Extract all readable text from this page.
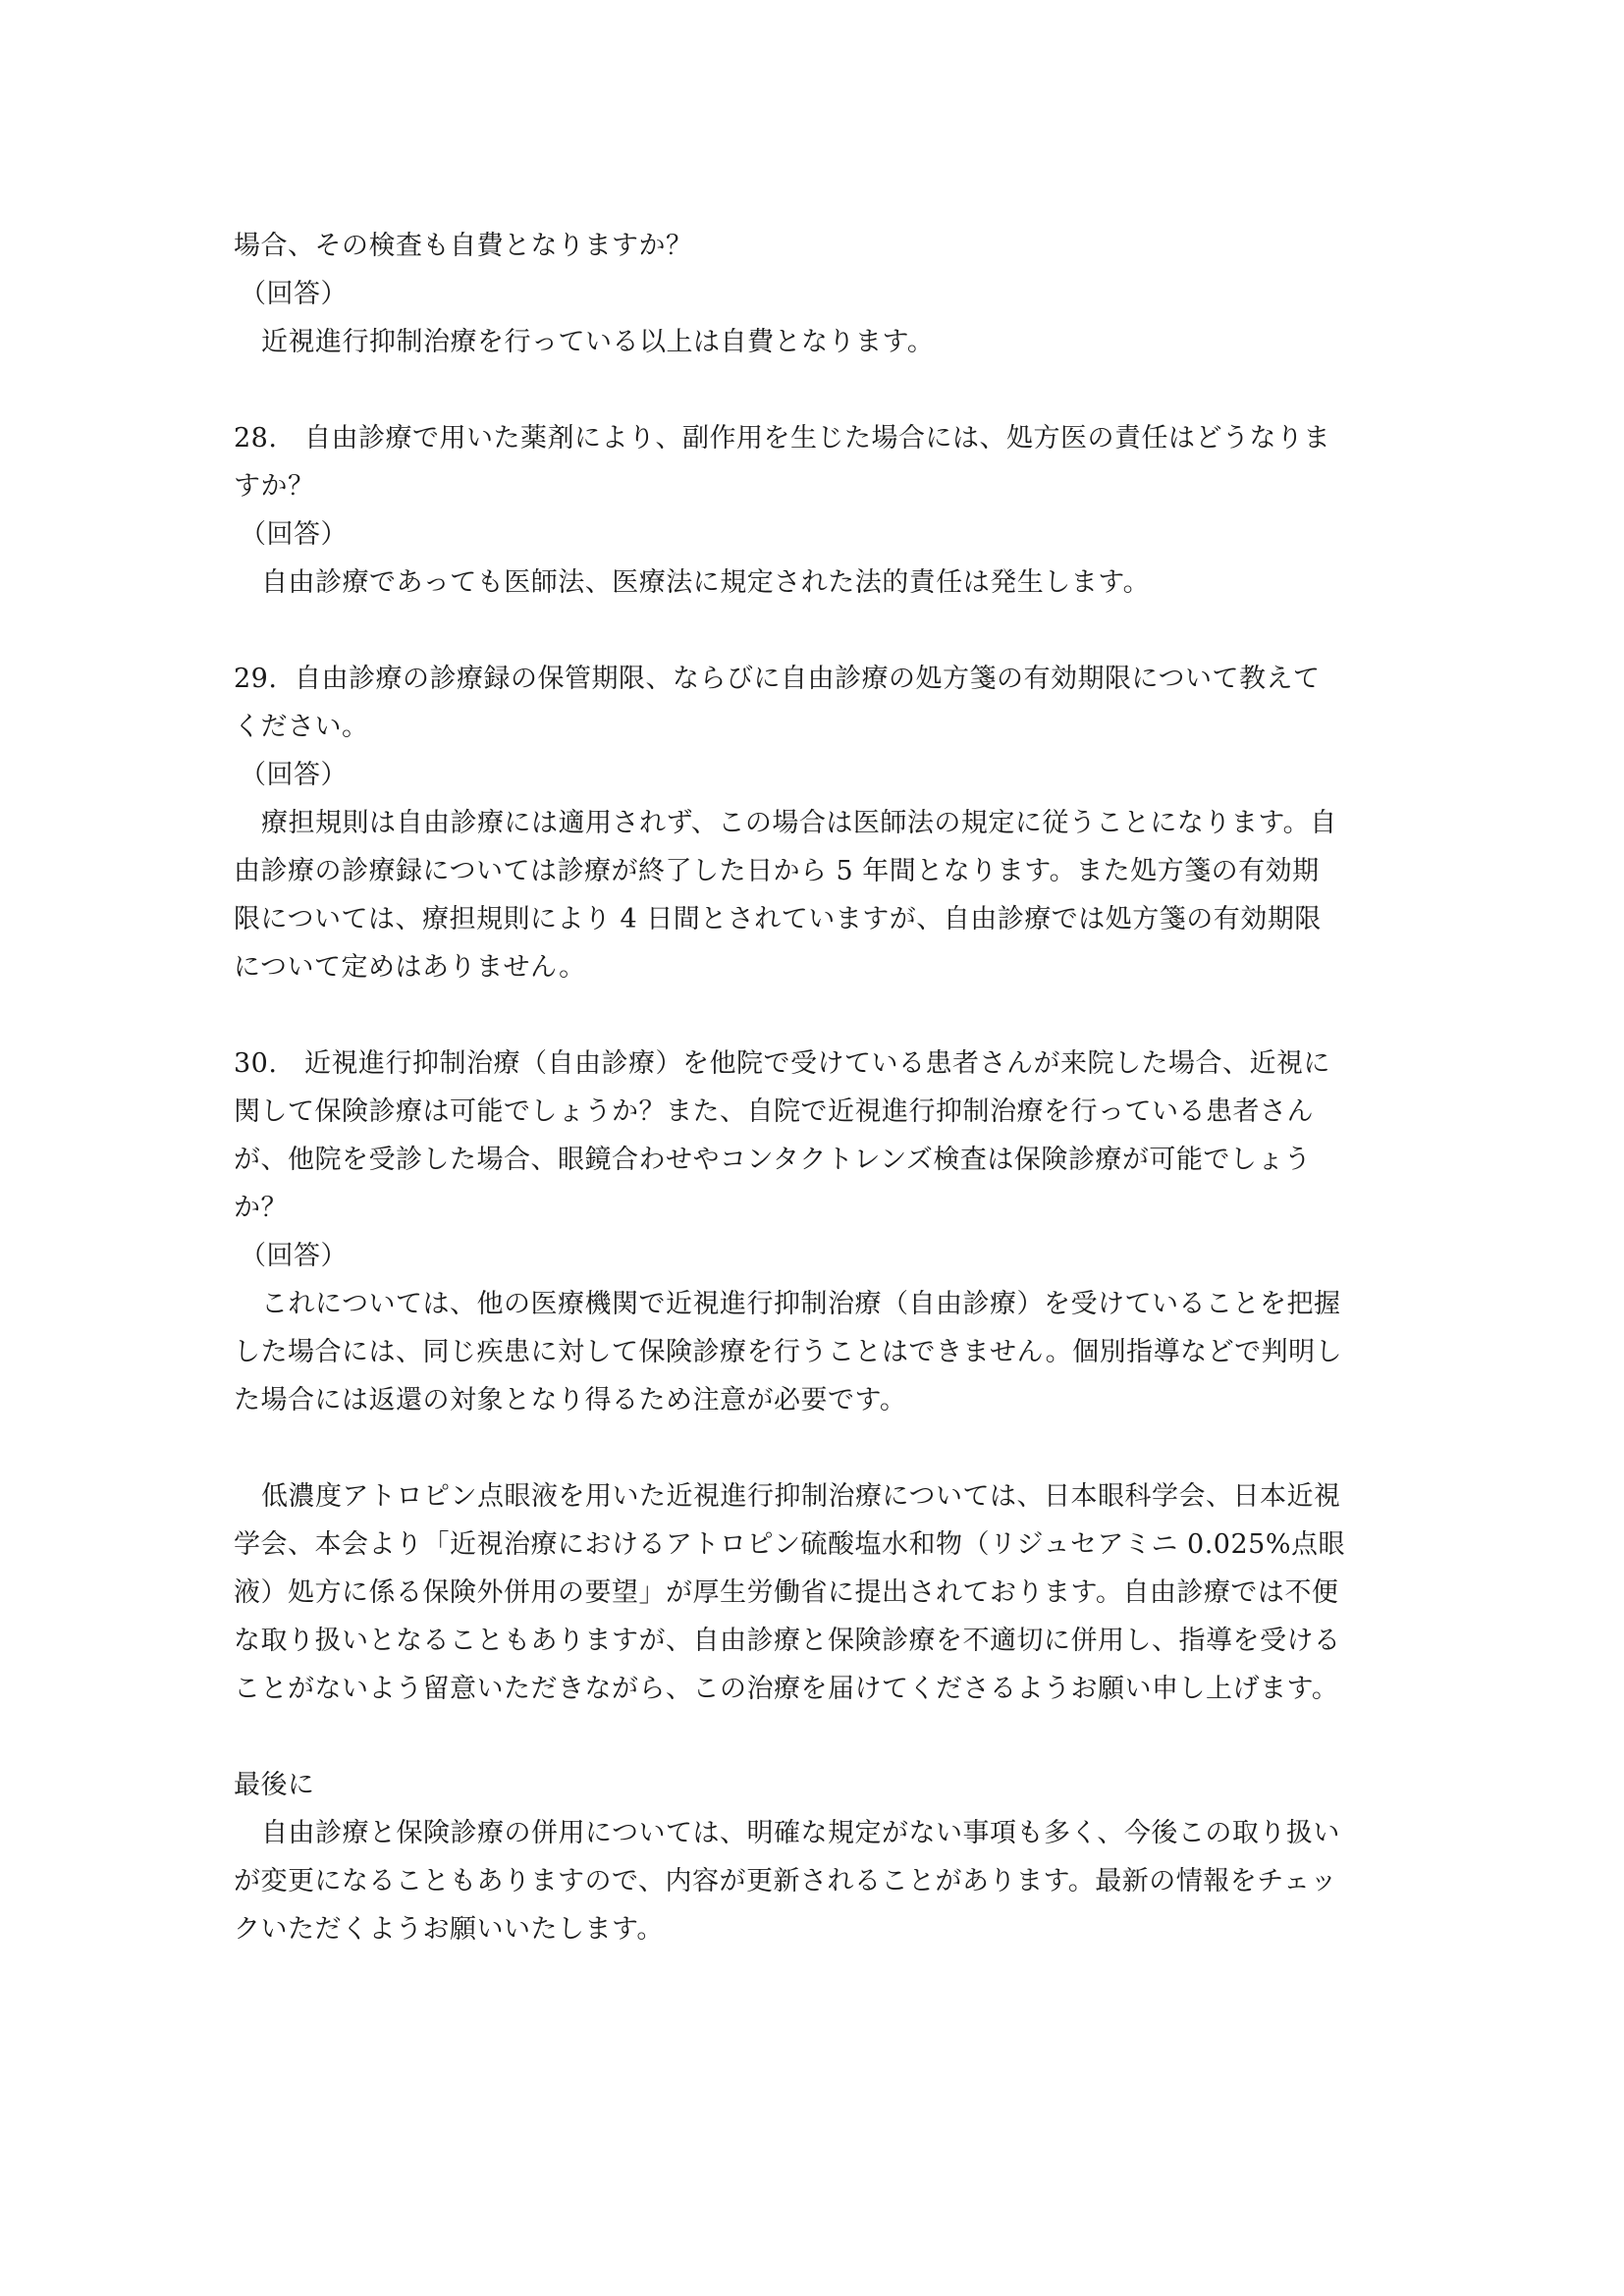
場合、その検査も自費となりますか？
（回答）
近視進行抑制治療を行っている以上は自費となります。
28. 自由診療で用いた薬剤により、副作用を生じた場合には、処方医の責任はどうなりま
すか？
（回答）
自由診療であっても医師法、医療法に規定された法的責任は発生します。
29. 自由診療の診療録の保管期限、ならびに自由診療の処方箋の有効期限について教えて
ください。
（回答）
療担規則は自由診療には適用されず、この場合は医師法の規定に従うことになります。自
由診療の診療録については診療が終了した日から 5 年間となります。また処方箋の有効期
限については、療担規則により 4 日間とされていますが、自由診療では処方箋の有効期限
について定めはありません。
30. 近視進行抑制治療（自由診療）を他院で受けている患者さんが来院した場合、近視に
関して保険診療は可能でしょうか？また、自院で近視進行抑制治療を行っている患者さん
が、他院を受診した場合、眼鏡合わせやコンタクトレンズ検査は保険診療が可能でしょう
か？
（回答）
これについては、他の医療機関で近視進行抑制治療（自由診療）を受けていることを把握
した場合には、同じ疾患に対して保険診療を行うことはできません。個別指導などで判明し
た場合には返還の対象となり得るため注意が必要です。
低濃度アトロピン点眼液を用いた近視進行抑制治療については、日本眼科学会、日本近視
学会、本会より「近視治療におけるアトロピン硫酸塩水和物（リジュセアミニ 0.025%点眼
液）処方に係る保険外併用の要望」が厚生労働省に提出されております。自由診療では不便
な取り扱いとなることもありますが、自由診療と保険診療を不適切に併用し、指導を受ける
ことがないよう留意いただきながら、この治療を届けてくださるようお願い申し上げます。
最後に
自由診療と保険診療の併用については、明確な規定がない事項も多く、今後この取り扱い
が変更になることもありますので、内容が更新されることがあります。最新の情報をチェッ
クいただくようお願いいたします。
